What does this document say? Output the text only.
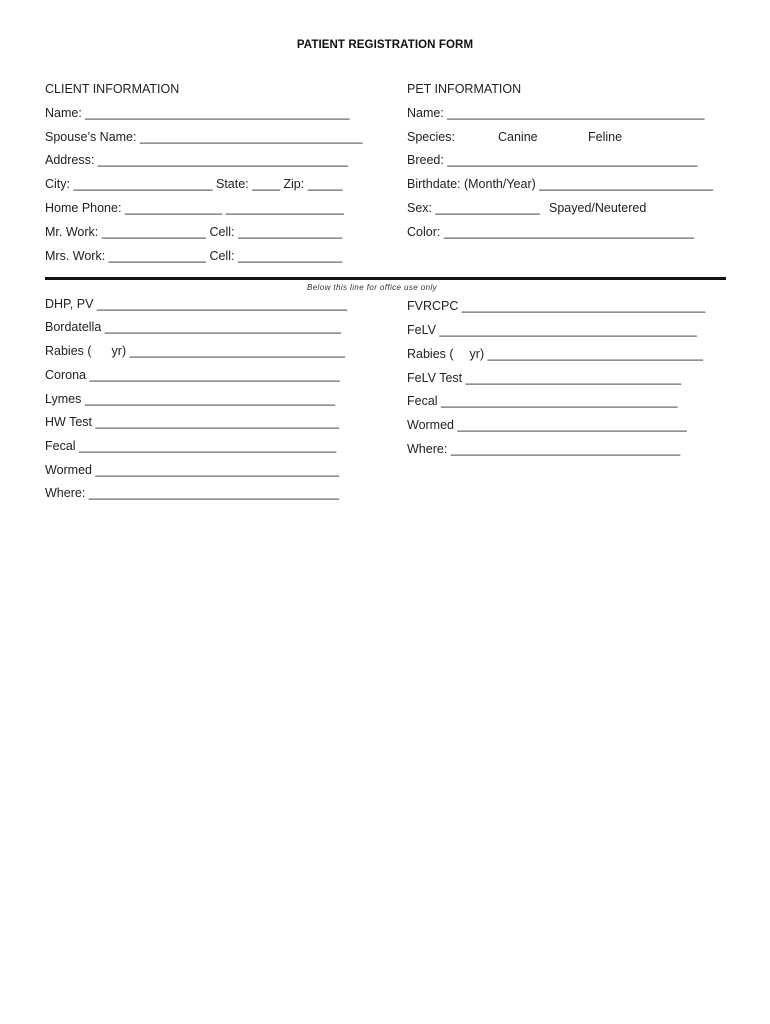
PATIENT REGISTRATION FORM
CLIENT INFORMATION
Name: ______________________________________
Spouse’s Name: ________________________________
Address: ____________________________________
City: ____________________ State: ____ Zip: _____
Home Phone: ______________ _________________
Mr. Work: _______________ Cell: _______________
Mrs. Work: ______________ Cell: _______________
PET INFORMATION
Name: _____________________________________
Species:	Canine	Feline
Breed: ____________________________________
Birthdate: (Month/Year) _________________________
Sex: _______________ Spayed/Neutered
Color: ____________________________________
Below this line for office use only
DHP, PV ____________________________________
Bordatella __________________________________
Rabies ( yr) _______________________________
Corona ____________________________________
Lymes ____________________________________
HW Test ___________________________________
Fecal _____________________________________
Wormed ___________________________________
Where: ____________________________________
FVRCPC ___________________________________
FeLV _____________________________________
Rabies ( yr) _______________________________
FeLV Test _______________________________
Fecal __________________________________
Wormed _________________________________
Where: _________________________________
